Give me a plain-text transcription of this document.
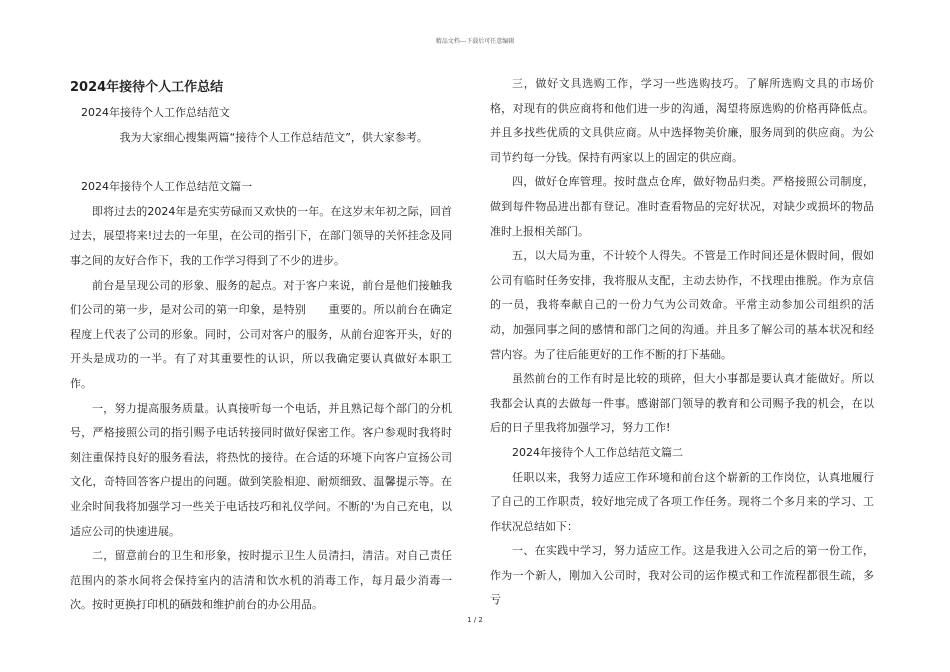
精品文档---下载后可任意编辑
2024年接待个人工作总结

2024年接待个人工作总结范文

我为大家细心搜集两篇“接待个人工作总结范文”，供大家参考。

2024年接待个人工作总结范文篇一

即将过去的2024年是充实劳碌而又欢快的一年。在这岁末年初之际，回首过去，展望将来!过去的一年里，在公司的指引下，在部门领导的关怀挂念及同事之间的友好合作下，我的工作学习得到了不少的进步。

前台是呈现公司的形象、服务的起点。对于客户来说，前台是他们接触我们公司的第一步，是对公司的第一印象，是特别　　重要的。所以前台在确定程度上代表了公司的形象。同时，公司对客户的服务，从前台迎客开头，好的开头是成功的一半。有了对其重要性的认识，所以我确定要认真做好本职工作。

一，努力提高服务质量。认真接听每一个电话，并且熟记每个部门的分机号，严格接照公司的指引赐予电话转接同时做好保密工作。客户参观时我将时刻注重保持良好的服务看法，将热忱的接待。在合适的环境下向客户宣扬公司文化，奇特回答客户提出的问题。做到笑脸相迎、耐烦细致、温馨提示等。在业余时间我将加强学习一些关于电话技巧和礼仪学问。不断的'为自己充电，以适应公司的快速进展。

二，留意前台的卫生和形象，按时提示卫生人员清扫，清洁。对自己责任范围内的茶水间将会保持室内的洁清和饮水机的消毒工作，每月最少消毒一次。按时更换打印机的硒鼓和维护前台的办公用品。

三，做好文具选购工作，学习一些选购技巧。了解所选购文具的市场价格，对现有的供应商将和他们进一步的沟通，渴望将原选购的价格再降低点。并且多找些优质的文具供应商。从中选择物美价廉，服务周到的供应商。为公司节约每一分钱。保持有两家以上的固定的供应商。

四，做好仓库管理。按时盘点仓库，做好物品归类。严格接照公司制度，做到每件物品进出都有登记。准时查看物品的完好状况，对缺少或损坏的物品准时上报相关部门。

五，以大局为重，不计较个人得失。不管是工作时间还是休假时间，假如公司有临时任务安排，我将服从支配，主动去协作，不找理由推脱。作为京信的一员，我将奉献自己的一份力气为公司效命。平常主动参加公司组织的活动，加强同事之间的感情和部门之间的沟通。并且多了解公司的基本状况和经营内容。为了往后能更好的工作不断的打下基础。

虽然前台的工作有时是比较的琐碎，但大小事都是要认真才能做好。所以我都会认真的去做每一件事。感谢部门领导的教育和公司赐予我的机会，在以后的日子里我将加强学习，努力工作!

2024年接待个人工作总结范文篇二

任职以来，我努力适应工作环境和前台这个崭新的工作岗位，认真地履行了自己的工作职责，较好地完成了各项工作任务。现将二个多月来的学习、工作状况总结如下：

一、在实践中学习，努力适应工作。这是我进入公司之后的第一份工作，作为一个新人，刚加入公司时，我对公司的运作模式和工作流程都很生疏，多亏

1 / 2
